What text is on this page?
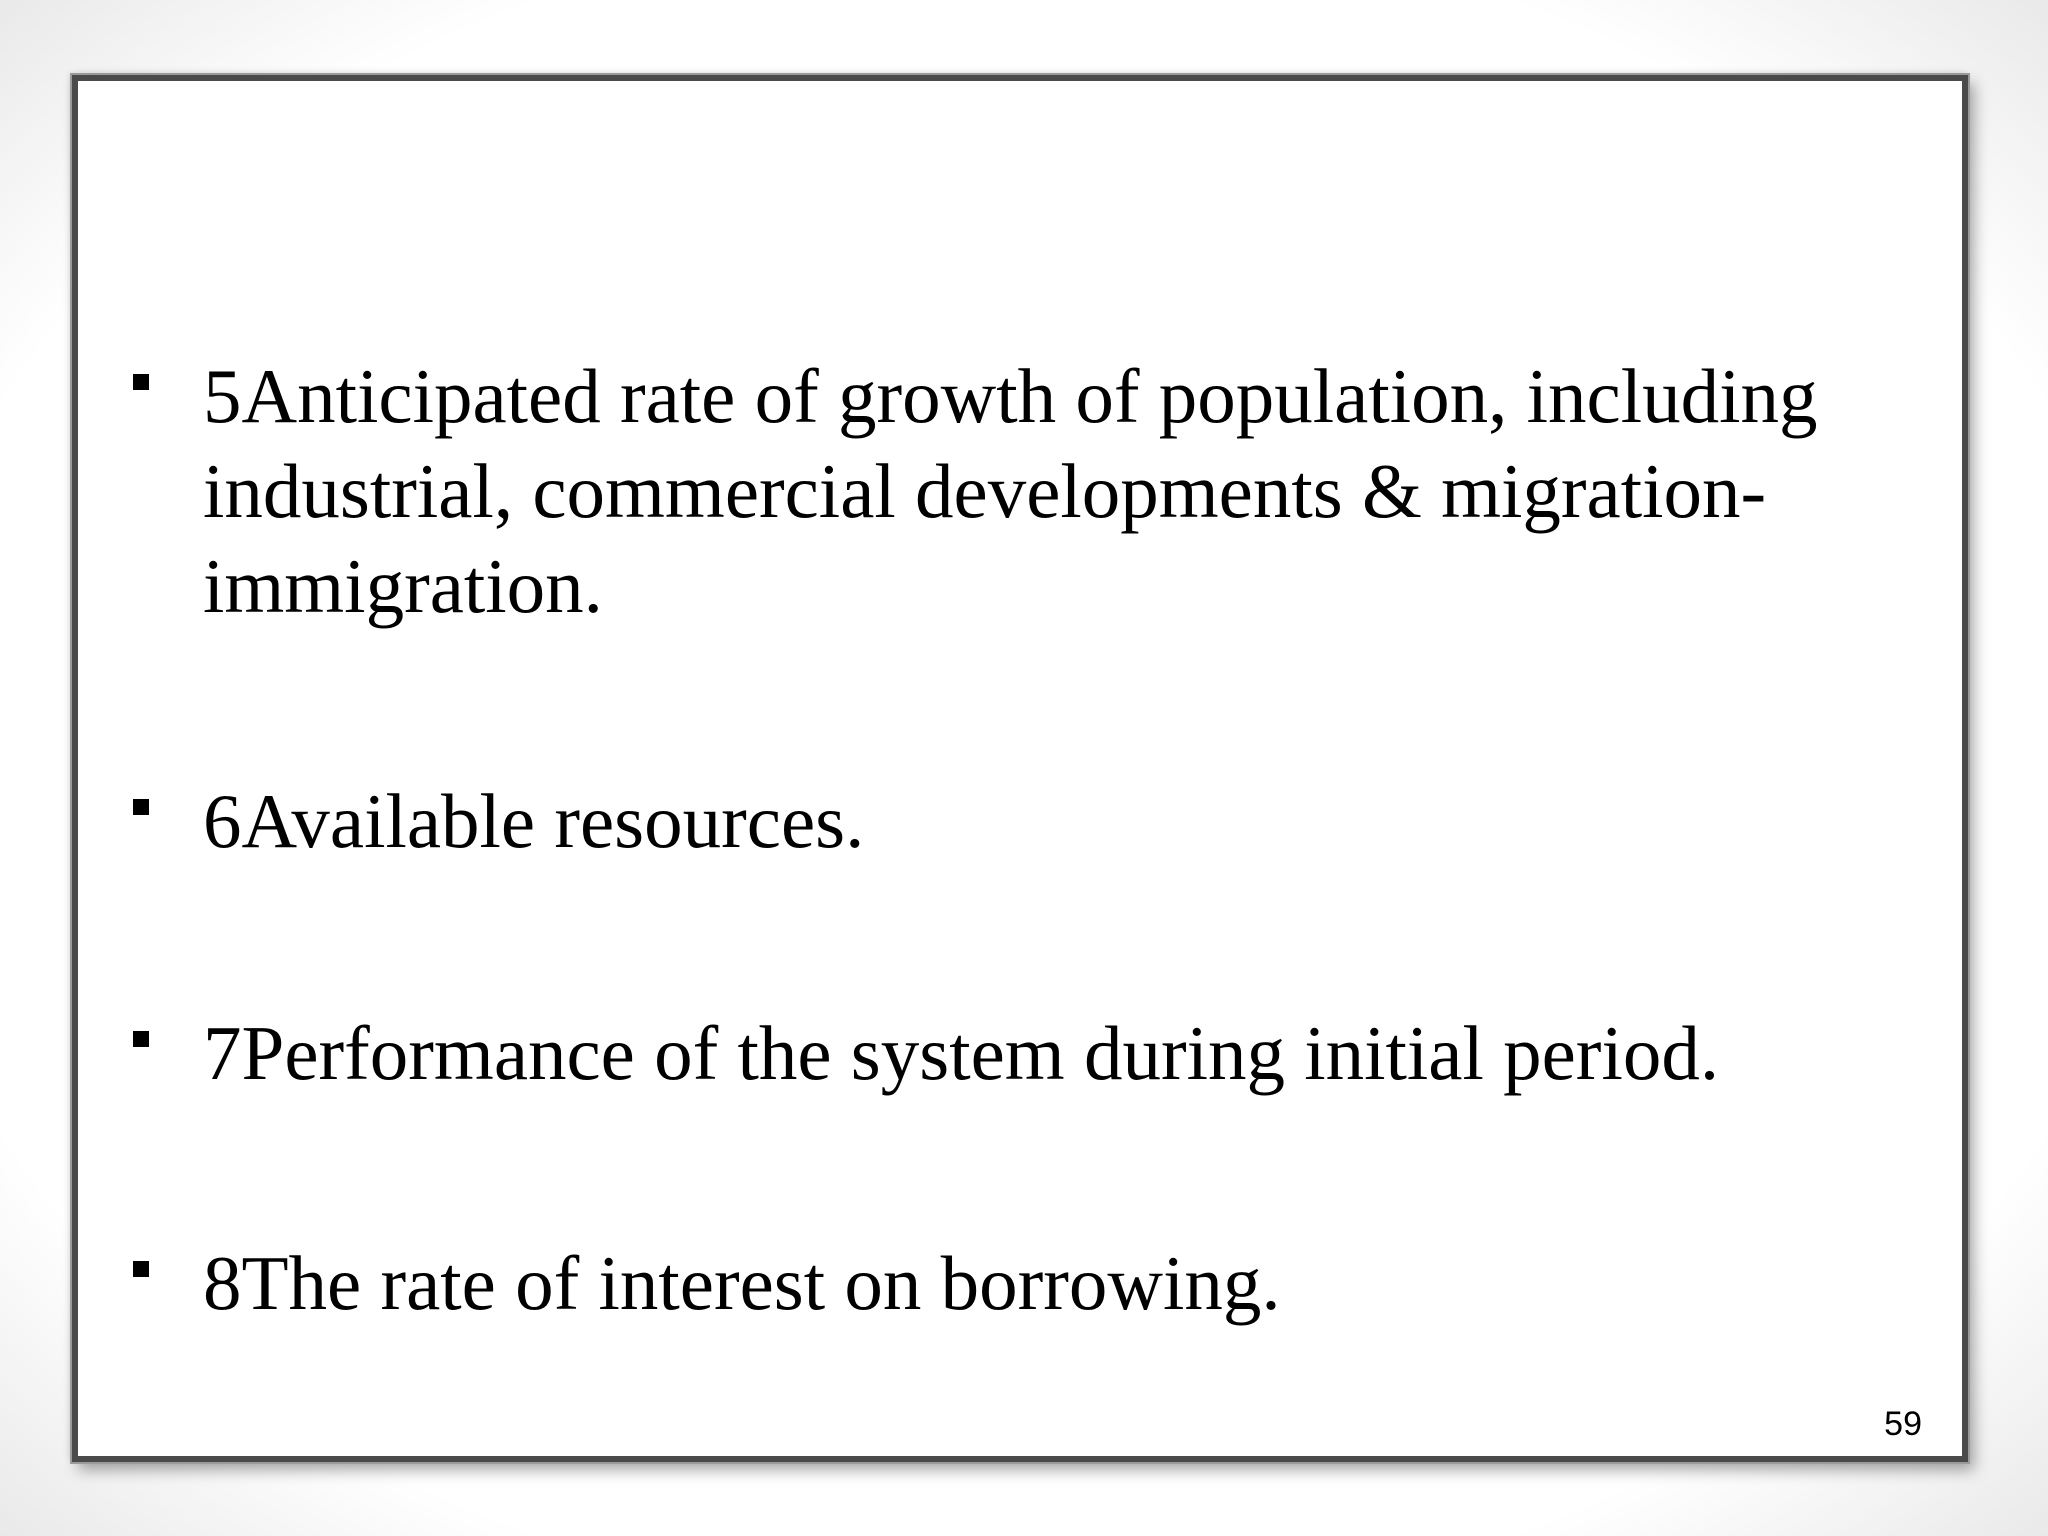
5Anticipated rate of growth of population, including industrial, commercial developments & migration- immigration.
6Available resources.
7Performance of the system during initial period.
8The rate of interest on borrowing.
59
